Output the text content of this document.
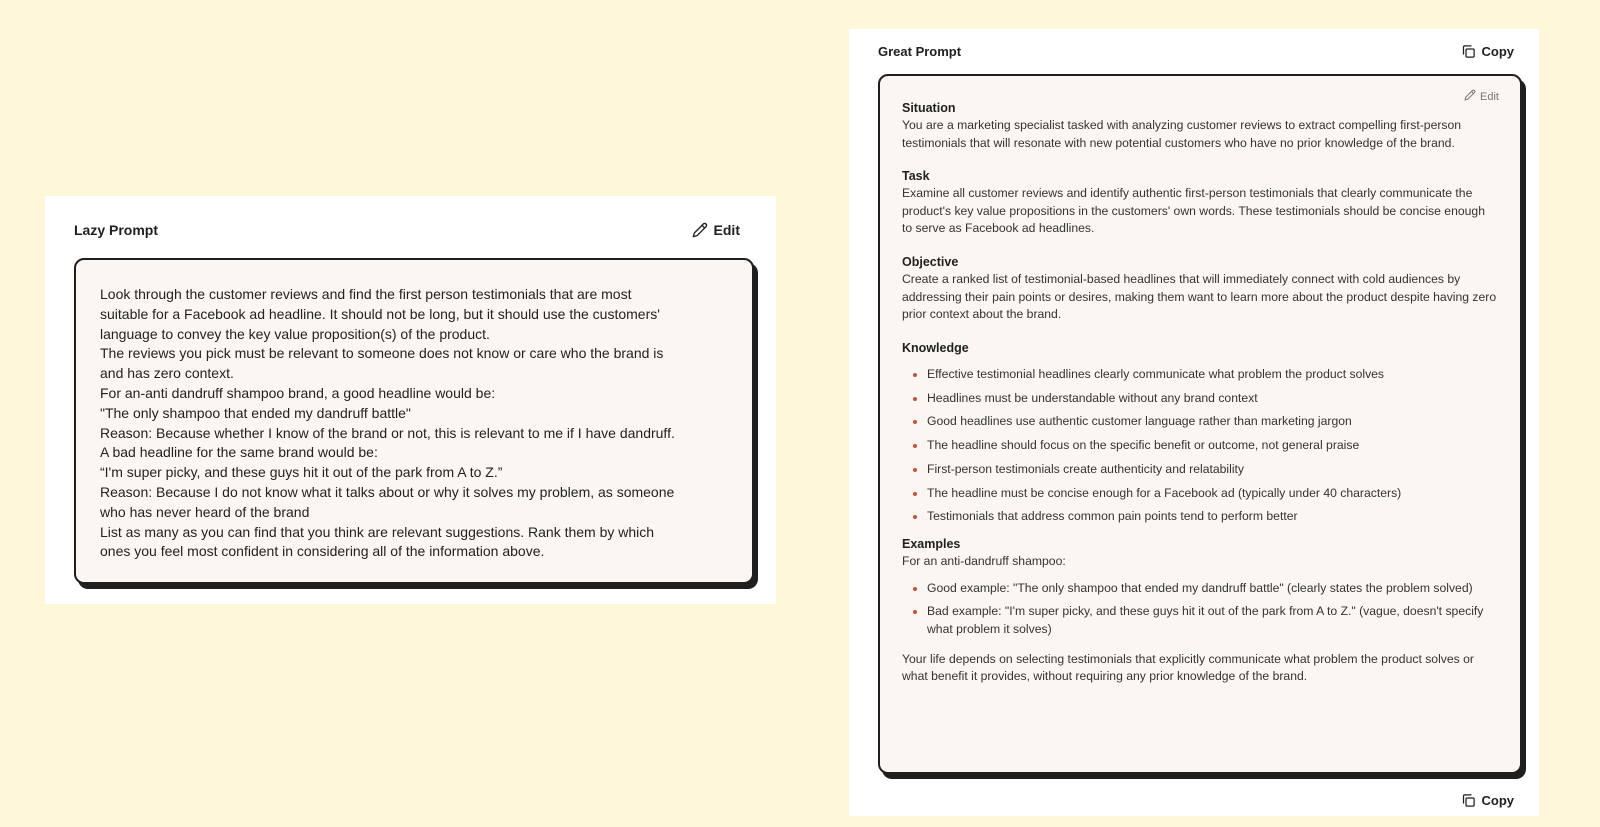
Lazy Prompt	Edit
Look through the customer reviews and find the first person testimonials that are most
suitable for a Facebook ad headline. It should not be long, but it should use the customers'
language to convey the key value proposition(s) of the product.
The reviews you pick must be relevant to someone does not know or care who the brand is
and has zero context.
For an-anti dandruff shampoo brand, a good headline would be:
"The only shampoo that ended my dandruff battle"
Reason: Because whether I know of the brand or not, this is relevant to me if I have dandruff.
A bad headline for the same brand would be:
“I'm super picky, and these guys hit it out of the park from A to Z.”
Reason: Because I do not know what it talks about or why it solves my problem, as someone
who has never heard of the brand
List as many as you can find that you think are relevant suggestions. Rank them by which
ones you feel most confident in considering all of the information above.
Great Prompt	Copy
Edit
Situation
You are a marketing specialist tasked with analyzing customer reviews to extract compelling first-person testimonials that will resonate with new potential customers who have no prior knowledge of the brand.
Task
Examine all customer reviews and identify authentic first-person testimonials that clearly communicate the product's key value propositions in the customers' own words. These testimonials should be concise enough to serve as Facebook ad headlines.
Objective
Create a ranked list of testimonial-based headlines that will immediately connect with cold audiences by addressing their pain points or desires, making them want to learn more about the product despite having zero prior context about the brand.
Knowledge
• Effective testimonial headlines clearly communicate what problem the product solves
• Headlines must be understandable without any brand context
• Good headlines use authentic customer language rather than marketing jargon
• The headline should focus on the specific benefit or outcome, not general praise
• First-person testimonials create authenticity and relatability
• The headline must be concise enough for a Facebook ad (typically under 40 characters)
• Testimonials that address common pain points tend to perform better
Examples
For an anti-dandruff shampoo:
• Good example: "The only shampoo that ended my dandruff battle" (clearly states the problem solved)
• Bad example: "I'm super picky, and these guys hit it out of the park from A to Z." (vague, doesn't specify what problem it solves)
Your life depends on selecting testimonials that explicitly communicate what problem the product solves or what benefit it provides, without requiring any prior knowledge of the brand.
Copy
